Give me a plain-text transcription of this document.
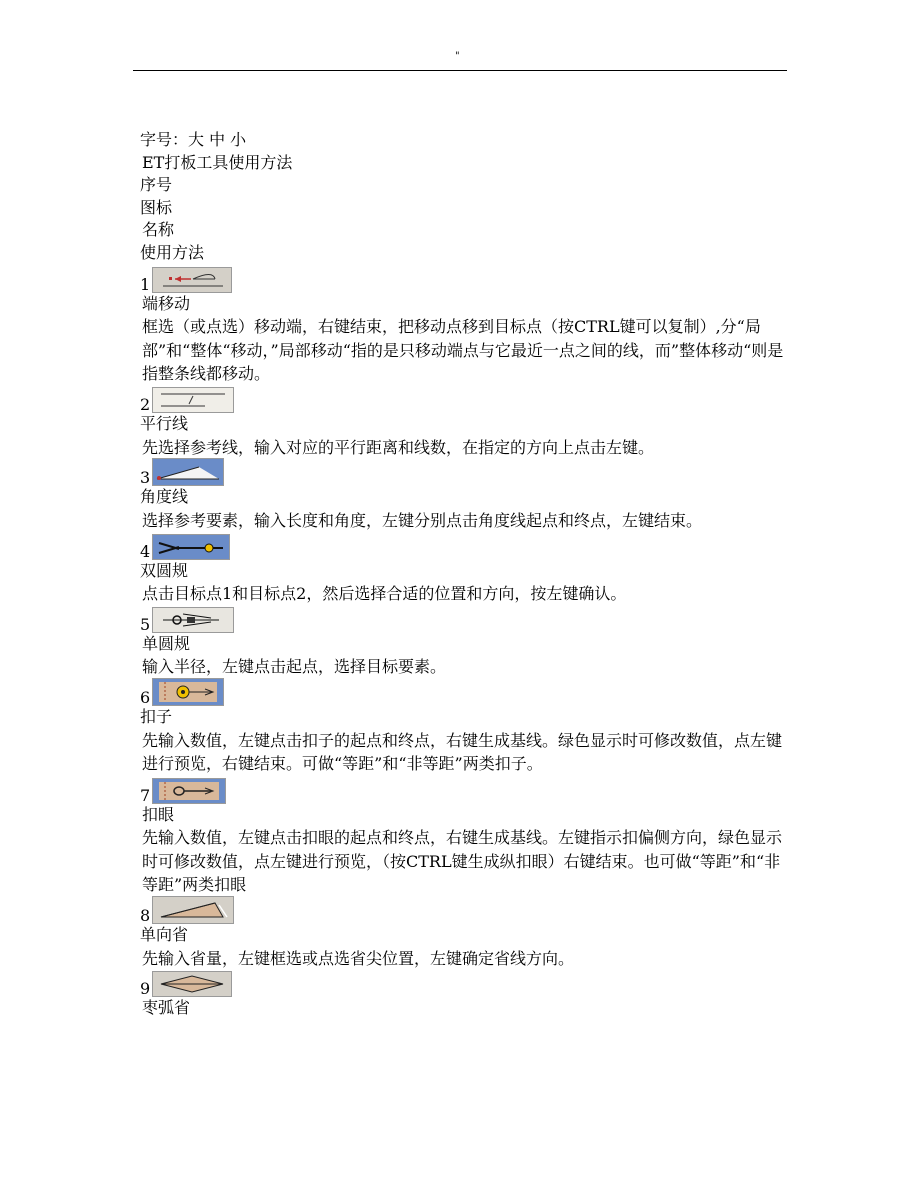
"
字号：大 中 小
ET打板工具使用方法
序号
图标
名称
使用方法
1
端移动
框选（或点选）移动端，右键结束，把移动点移到目标点（按CTRL键可以复制）,分“局部”和“整体“移动，”局部移动“指的是只移动端点与它最近一点之间的线，而”整体移动“则是指整条线都移动。
2
平行线
先选择参考线，输入对应的平行距离和线数，在指定的方向上点击左键。
3
角度线
选择参考要素，输入长度和角度，左键分别点击角度线起点和终点，左键结束。
4
双圆规
点击目标点1和目标点2，然后选择合适的位置和方向，按左键确认。
5
单圆规
输入半径，左键点击起点，选择目标要素。
6
扣子
先输入数值，左键点击扣子的起点和终点，右键生成基线。绿色显示时可修改数值，点左键进行预览，右键结束。可做“等距”和“非等距”两类扣子。
7
扣眼
先输入数值，左键点击扣眼的起点和终点，右键生成基线。左键指示扣偏侧方向，绿色显示时可修改数值，点左键进行预览，（按CTRL键生成纵扣眼）右键结束。也可做“等距”和“非等距”两类扣眼
8
单向省
先输入省量，左键框选或点选省尖位置，左键确定省线方向。
9
枣弧省
